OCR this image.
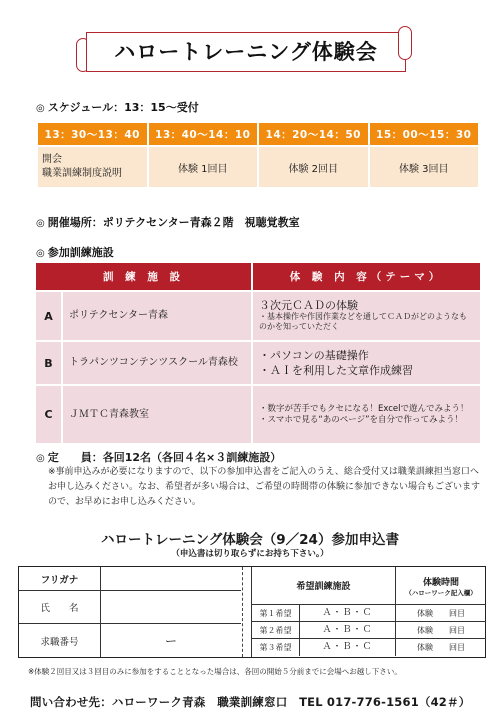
ハロートレーニング体験会
◎ スケジュール：13：15〜受付
13：30〜13：40	13：40〜14：10	14：20〜14：50	15：00〜15：30

開会
職業訓練制度説明	体験 1回目	体験 2回目	体験 3回目
◎ 開催場所：ポリテクセンター青森２階　視聴覚教室
◎ 参加訓練施設
訓 練 施 設		体 験 内 容（テーマ）
A	ポリテクセンター青森	３次元ＣＡＤの体験
・基本操作や作図作業などを通してＣＡＤがどのようなものかを知っていただく

B	トラパンツコンテンツスクール青森校	・パソコンの基礎操作
・ＡＩを利用した文章作成練習

C	ＪＭＴＣ青森教室	・数字が苦手でもクセになる！Excelで遊んでみよう！
・スマホで見る“あのページ”を自分で作ってみよう！
◎ 定　　員：各回12名（各回４名×３訓練施設）
※事前申込みが必要になりますので、以下の参加申込書をご記入のうえ、総合受付又は職業訓練担当窓口へお申し込みください。なお、希望者が多い場合は、ご希望の時間帯の体験に参加できない場合もございますので、お早めにお申し込みください。
ハロートレーニング体験会（9／24）参加申込書
（申込書は切り取らずにお持ち下さい。）
フリガナ
氏　　名
求職番号	ー
希望訓練施設	体験時間
（ハローワーク記入欄）
第１希望	Ａ・Ｂ・Ｃ	体験　　回目
第２希望	Ａ・Ｂ・Ｃ	体験　　回目
第３希望	Ａ・Ｂ・Ｃ	体験　　回目
※体験２回目又は３回目のみに参加をすることとなった場合は、各回の開始５分前までに会場へお越し下さい。
問い合わせ先：ハローワーク青森　職業訓練窓口　TEL 017-776-1561（42＃）
